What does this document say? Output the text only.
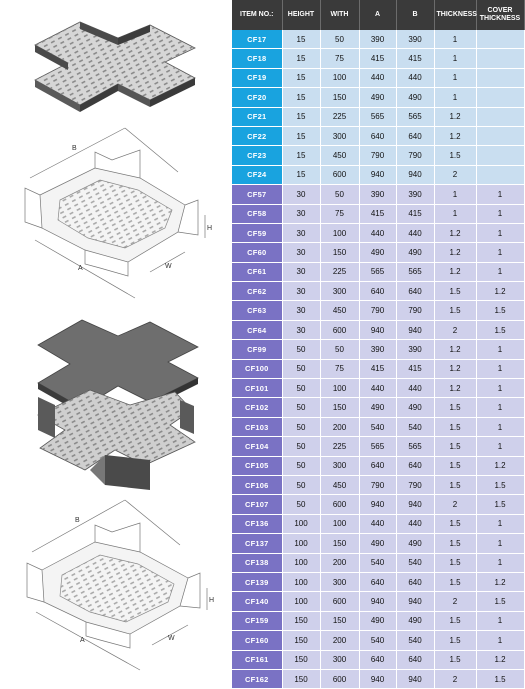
B
A
H
W
B
A
H
W
ITEM NO.:	HEIGHT	WITH	A	B	THICKNESS	COVER THICKNESS
CF17	15	50	390	390	1	
CF18	15	75	415	415	1	
CF19	15	100	440	440	1	
CF20	15	150	490	490	1	
CF21	15	225	565	565	1.2	
CF22	15	300	640	640	1.2	
CF23	15	450	790	790	1.5	
CF24	15	600	940	940	2	
CF57	30	50	390	390	1	1
CF58	30	75	415	415	1	1
CF59	30	100	440	440	1.2	1
CF60	30	150	490	490	1.2	1
CF61	30	225	565	565	1.2	1
CF62	30	300	640	640	1.5	1.2
CF63	30	450	790	790	1.5	1.5
CF64	30	600	940	940	2	1.5
CF99	50	50	390	390	1.2	1
CF100	50	75	415	415	1.2	1
CF101	50	100	440	440	1.2	1
CF102	50	150	490	490	1.5	1
CF103	50	200	540	540	1.5	1
CF104	50	225	565	565	1.5	1
CF105	50	300	640	640	1.5	1.2
CF106	50	450	790	790	1.5	1.5
CF107	50	600	940	940	2	1.5
CF136	100	100	440	440	1.5	1
CF137	100	150	490	490	1.5	1
CF138	100	200	540	540	1.5	1
CF139	100	300	640	640	1.5	1.2
CF140	100	600	940	940	2	1.5
CF159	150	150	490	490	1.5	1
CF160	150	200	540	540	1.5	1
CF161	150	300	640	640	1.5	1.2
CF162	150	600	940	940	2	1.5
